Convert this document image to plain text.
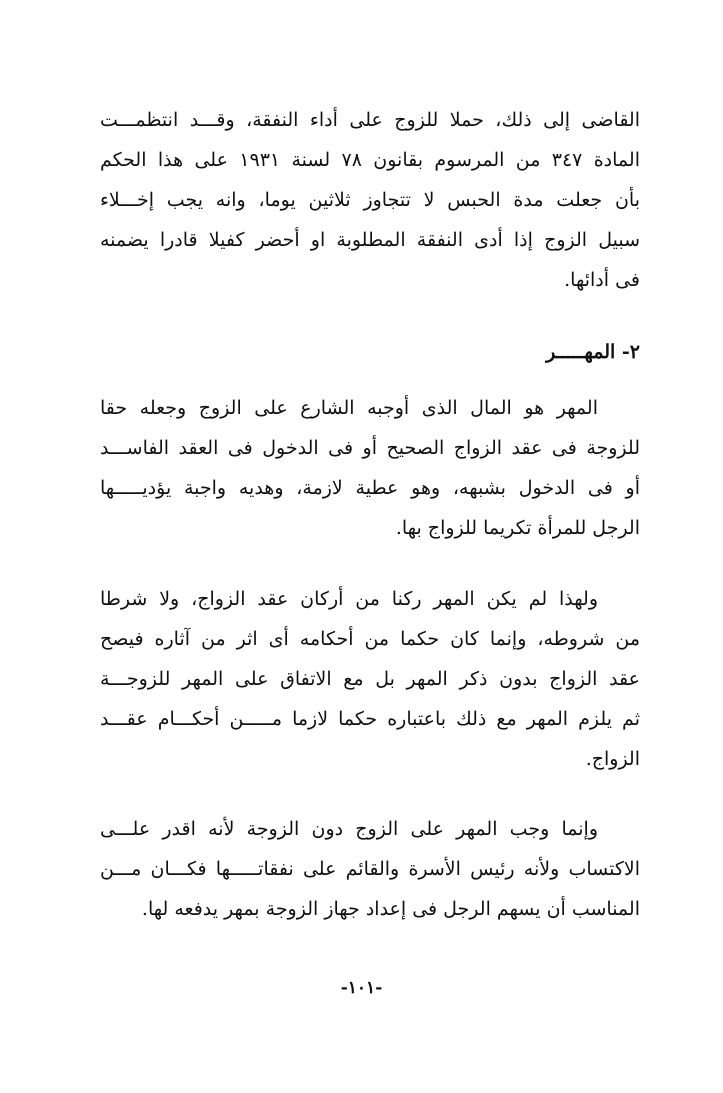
القاضى إلى ذلك، حملا للزوج على أداء النفقة، وقـــد انتظمـــت
المادة ٣٤٧ من المرسوم بقانون ٧٨ لسنة ١٩٣١ على هذا الحكم
بأن جعلت مدة الحبس لا تتجاوز ثلاثين يوما، وانه يجب إخـــلاء
سبيل الزوج إذا أدى النفقة المطلوبة او أحضر كفيلا قادرا يضمنه
فى أدائها.
٢- المهـــــر
المهر هو المال الذى أوجبه الشارع على الزوج وجعله حقا
للزوجة فى عقد الزواج الصحيح أو فى الدخول فى العقد الفاســـد
أو فى الدخول بشبهه، وهو عطية لازمة، وهديه واجبة يؤديـــــها
الرجل للمرأة تكريما للزواج بها.
ولهذا لم يكن المهر ركنا من أركان عقد الزواج، ولا شرطا
من شروطه، وإنما كان حكما من أحكامه أى اثر من آثاره فيصح
عقد الزواج بدون ذكر المهر بل مع الاتفاق على المهر للزوجـــة
ثم يلزم المهر مع ذلك باعتباره حكما لازما مـــــن أحكـــام عقـــد
الزواج.
وإنما وجب المهر على الزوج دون الزوجة لأنه اقدر علـــى
الاكتساب ولأنه رئيس الأسرة والقائم على نفقاتـــــها فكـــان مـــن
المناسب أن يسهم الرجل فى إعداد جهاز الزوجة بمهر يدفعه لها.
-١٠١-
